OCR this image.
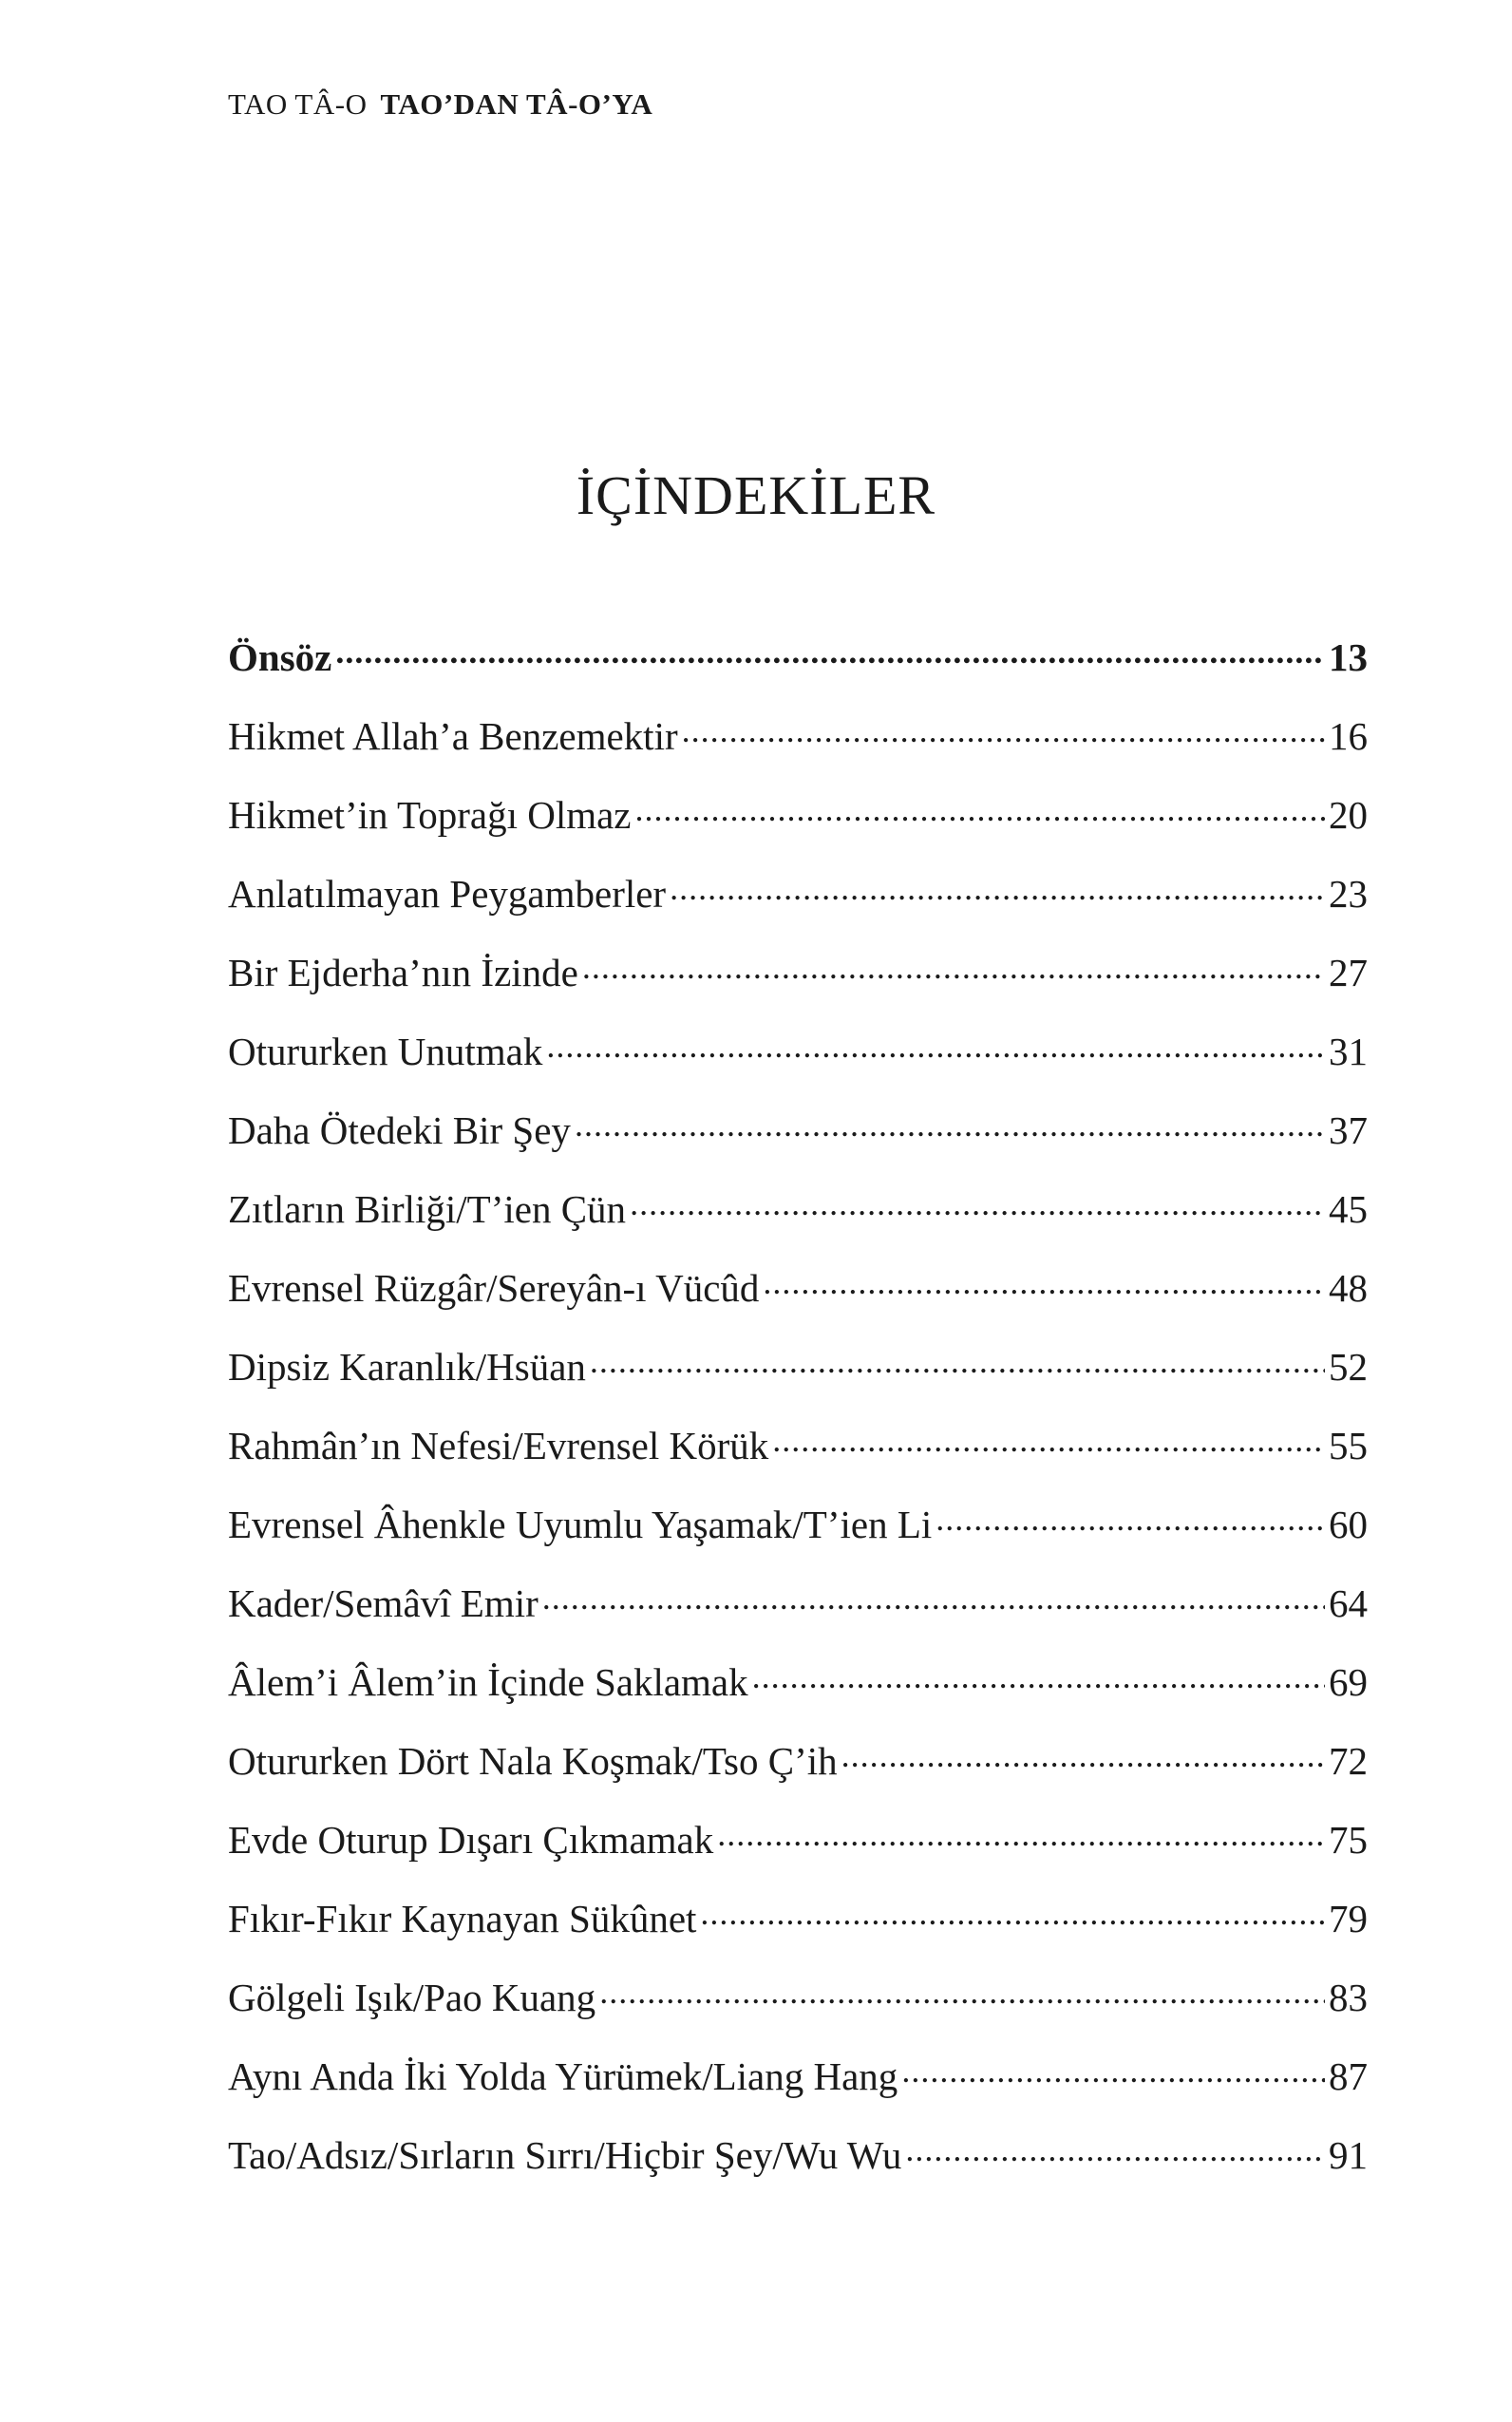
TAO TÂ-O TAO’DAN TÂ-O’YA
İÇİNDEKİLER
Önsöz .....	13
Hikmet Allah’a Benzemektir .....	16
Hikmet’in Toprağı Olmaz .....	20
Anlatılmayan Peygamberler .....	23
Bir Ejderha’nın İzinde .....	27
Otururken Unutmak .....	31
Daha Ötedeki Bir Şey .....	37
Zıtların Birliği/T’ien Çün .....	45
Evrensel Rüzgâr/Sereyân-ı Vücûd .....	48
Dipsiz Karanlık/Hsüan .....	52
Rahmân’ın Nefesi/Evrensel Körük .....	55
Evrensel Âhenkle Uyumlu Yaşamak/T’ien Li .....	60
Kader/Semâvî Emir .....	64
Âlem’i Âlem’in İçinde Saklamak .....	69
Otururken Dört Nala Koşmak/Tso Ç’ih .....	72
Evde Oturup Dışarı Çıkmamak .....	75
Fıkır-Fıkır Kaynayan Sükûnet .....	79
Gölgeli Işık/Pao Kuang .....	83
Aynı Anda İki Yolda Yürümek/Liang Hang .....	87
Tao/Adsız/Sırların Sırrı/Hiçbir Şey/Wu Wu .....	91
